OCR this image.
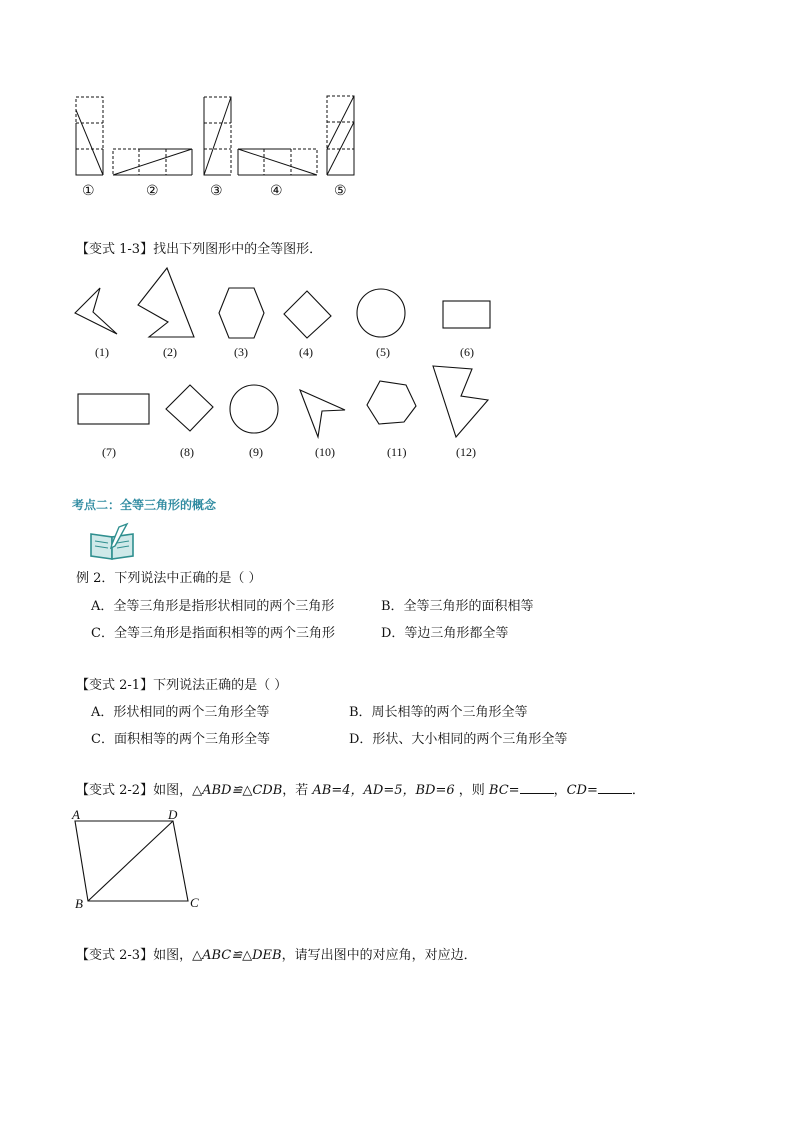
①	②	③	④	⑤
【变式 1-3】找出下列图形中的全等图形．
(1)	(2)	(3)	(4)	(5)	(6)
(7)	(8)	(9)	(10)	(11)	(12)
考点二：全等三角形的概念
例 2．下列说法中正确的是（ ）
A．全等三角形是指形状相同的两个三角形	B．全等三角形的面积相等
C．全等三角形是指面积相等的两个三角形	D．等边三角形都全等
【变式 2-1】下列说法正确的是（ ）
A．形状相同的两个三角形全等	B．周长相等的两个三角形全等
C．面积相等的两个三角形全等	D．形状、大小相同的两个三角形全等
【变式 2-2】如图，△ABD≌△CDB，若 AB=4，AD=5，BD=6 ，则 BC=	，CD=	．
A	D
B	C
【变式 2-3】如图，△ABC≌△DEB，请写出图中的对应角，对应边．
